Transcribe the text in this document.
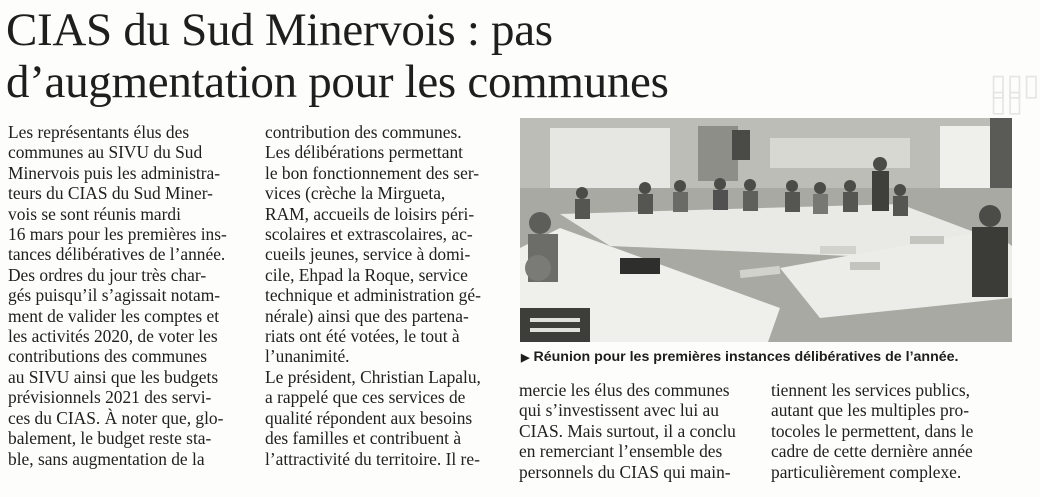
▯▯▯ ▯▯
CIAS du Sud Minervois : pas
d’augmentation pour les communes
Les représentants élus des
communes au SIVU du Sud
Minervois puis les administra-
teurs du CIAS du Sud Miner-
vois se sont réunis mardi
16 mars pour les premières ins-
tances délibératives de l’année.
Des ordres du jour très char-
gés puisqu’il s’agissait notam-
ment de valider les comptes et
les activités 2020, de voter les
contributions des communes
au SIVU ainsi que les budgets
prévisionnels 2021 des servi-
ces du CIAS. À noter que, glo-
balement, le budget reste sta-
ble, sans augmentation de la
contribution des communes.
Les délibérations permettant
le bon fonctionnement des ser-
vices (crèche la Mirgueta,
RAM, accueils de loisirs péri-
scolaires et extrascolaires, ac-
cueils jeunes, service à domi-
cile, Ehpad la Roque, service
technique et administration gé-
nérale) ainsi que des partena-
riats ont été votées, le tout à
l’unanimité.
Le président, Christian Lapalu,
a rappelé que ces services de
qualité répondent aux besoins
des familles et contribuent à
l’attractivité du territoire. Il re-
▶ Réunion pour les premières instances délibératives de l’année.
mercie les élus des communes
qui s’investissent avec lui au
CIAS. Mais surtout, il a conclu
en remerciant l’ensemble des
personnels du CIAS qui main-
tiennent les services publics,
autant que les multiples pro-
tocoles le permettent, dans le
cadre de cette dernière année
particulièrement complexe.
